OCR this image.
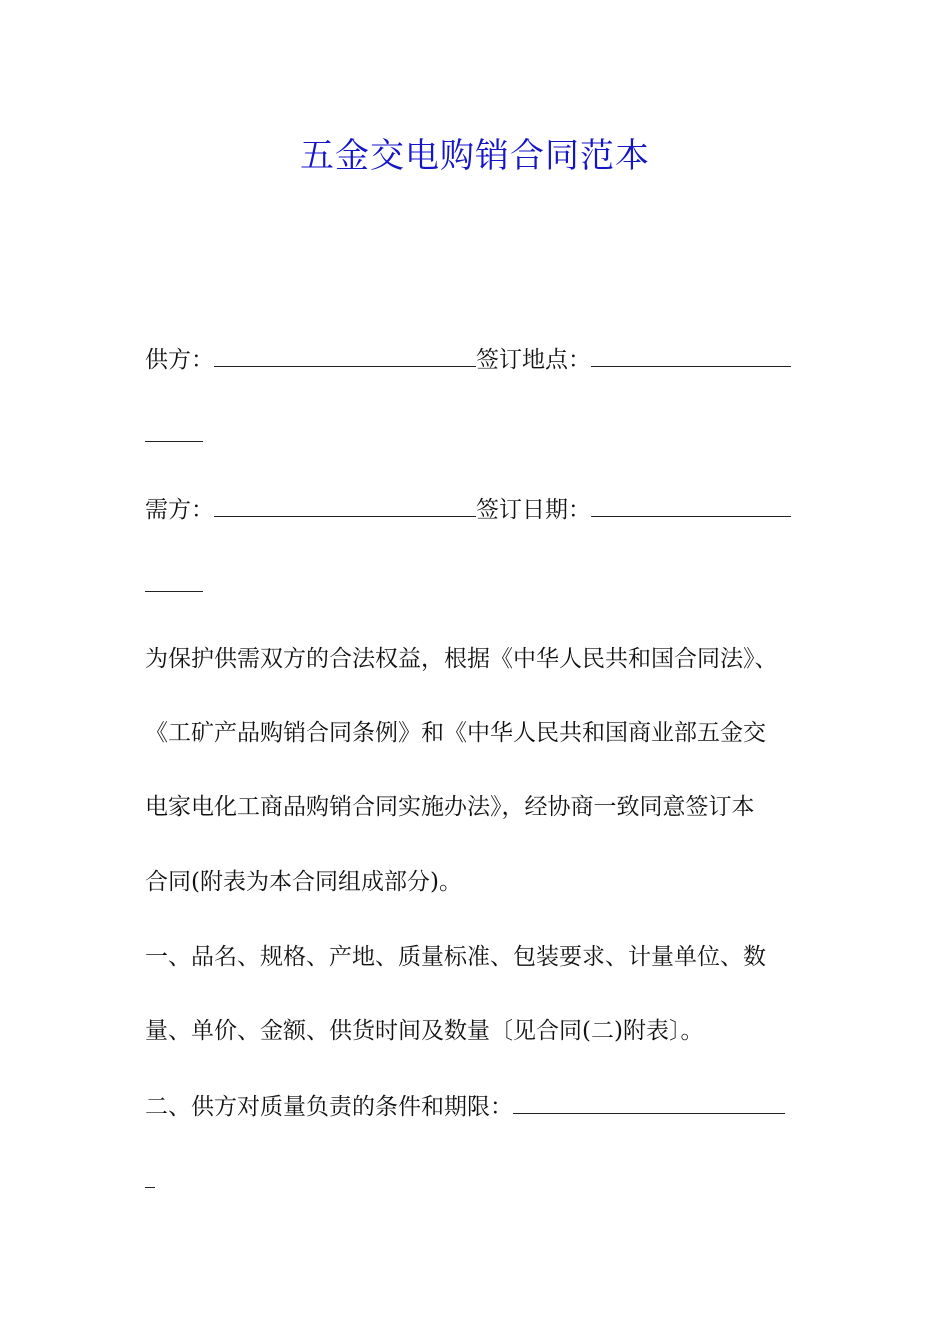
五金交电购销合同范本
供方：	签订地点：
需方：	签订日期：
为保护供需双方的合法权益，根据《中华人民共和国合同法》、
《工矿产品购销合同条例》和《中华人民共和国商业部五金交
电家电化工商品购销合同实施办法》，经协商一致同意签订本
合同(附表为本合同组成部分)。
一、品名、规格、产地、质量标准、包装要求、计量单位、数
量、单价、金额、供货时间及数量〔见合同(二)附表〕。
二、供方对质量负责的条件和期限：
